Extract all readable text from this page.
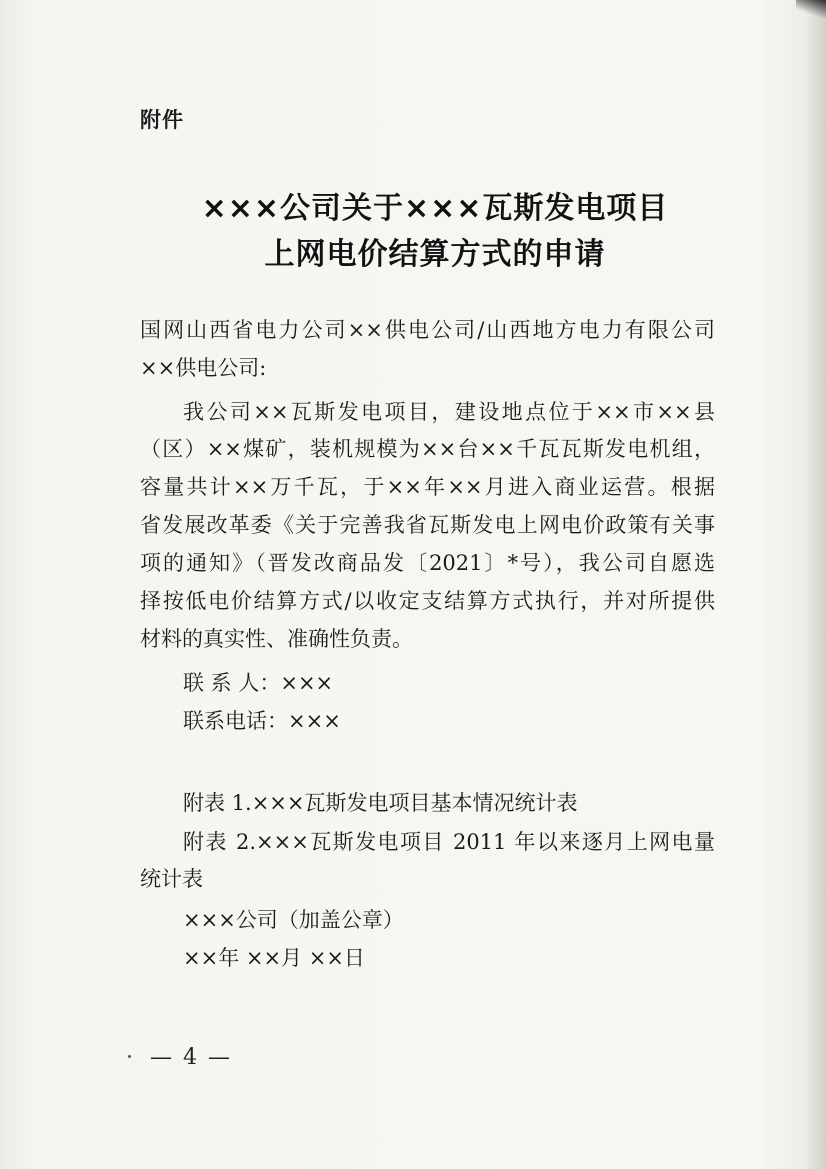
附件
×××公司关于×××瓦斯发电项目
上网电价结算方式的申请
国网山西省电力公司××供电公司/山西地方电力有限公司
××供电公司:
我公司××瓦斯发电项目，建设地点位于××市××县
（区）××煤矿，装机规模为××台××千瓦瓦斯发电机组，
容量共计××万千瓦，于××年××月进入商业运营。根据
省发展改革委《关于完善我省瓦斯发电上网电价政策有关事
项的通知》（晋发改商品发〔2021〕*号），我公司自愿选
择按低电价结算方式/以收定支结算方式执行，并对所提供
材料的真实性、准确性负责。
联 系 人：×××
联系电话：×××
附表 1.×××瓦斯发电项目基本情况统计表
附表 2.×××瓦斯发电项目 2011 年以来逐月上网电量
统计表
×××公司（加盖公章）
××年 ××月 ××日
— 4 —
